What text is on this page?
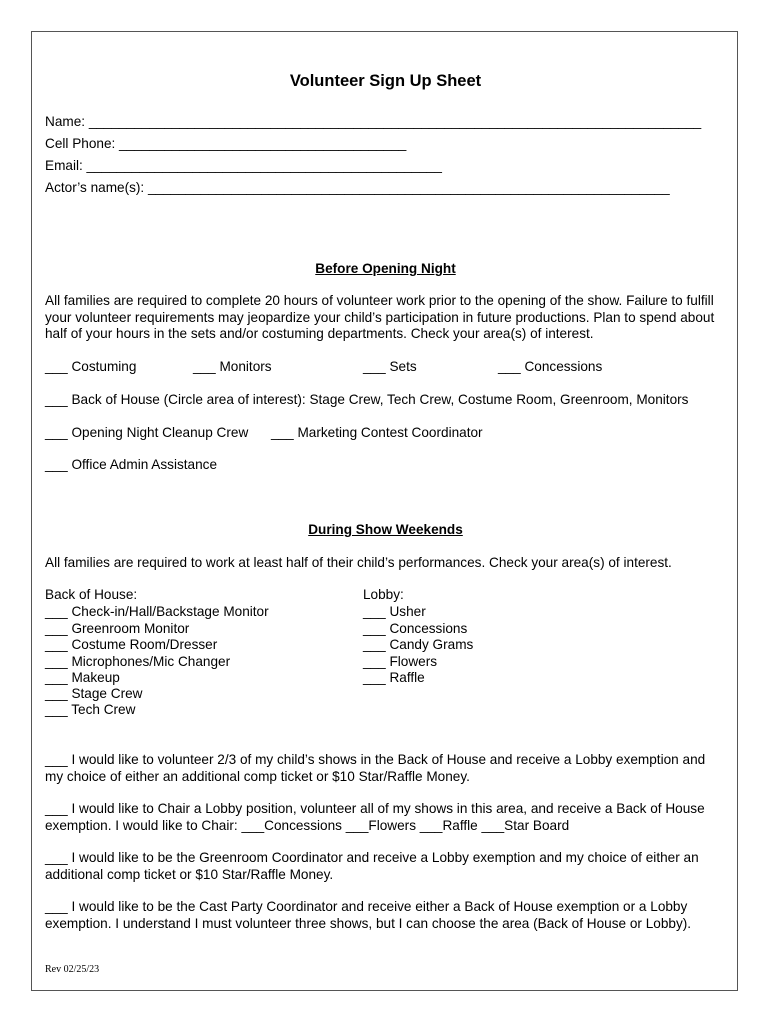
Volunteer Sign Up Sheet
Name: _________________________________________________________________________________
Cell Phone: ______________________________________
Email: _______________________________________________
Actor’s name(s): _____________________________________________________________________
Before Opening Night
All families are required to complete 20 hours of volunteer work prior to the opening of the show. Failure to fulfill your volunteer requirements may jeopardize your child’s participation in future productions. Plan to spend about half of your hours in the sets and/or costuming departments. Check your area(s) of interest.
___ Costuming	___ Monitors	___ Sets	___ Concessions
___ Back of House (Circle area of interest): Stage Crew, Tech Crew, Costume Room, Greenroom, Monitors
___ Opening Night Cleanup Crew ___ Marketing Contest Coordinator
___ Office Admin Assistance
During Show Weekends
All families are required to work at least half of their child’s performances. Check your area(s) of interest.
Back of House:
___ Check-in/Hall/Backstage Monitor
___ Greenroom Monitor
___ Costume Room/Dresser
___ Microphones/Mic Changer
___ Makeup
___ Stage Crew
___ Tech Crew
Lobby:
___ Usher
___ Concessions
___ Candy Grams
___ Flowers
___ Raffle
___ I would like to volunteer 2/3 of my child’s shows in the Back of House and receive a Lobby exemption and my choice of either an additional comp ticket or $10 Star/Raffle Money.
___ I would like to Chair a Lobby position, volunteer all of my shows in this area, and receive a Back of House exemption. I would like to Chair: ___Concessions ___Flowers ___Raffle ___Star Board
___ I would like to be the Greenroom Coordinator and receive a Lobby exemption and my choice of either an additional comp ticket or $10 Star/Raffle Money.
___ I would like to be the Cast Party Coordinator and receive either a Back of House exemption or a Lobby exemption. I understand I must volunteer three shows, but I can choose the area (Back of House or Lobby).
Rev 02/25/23
